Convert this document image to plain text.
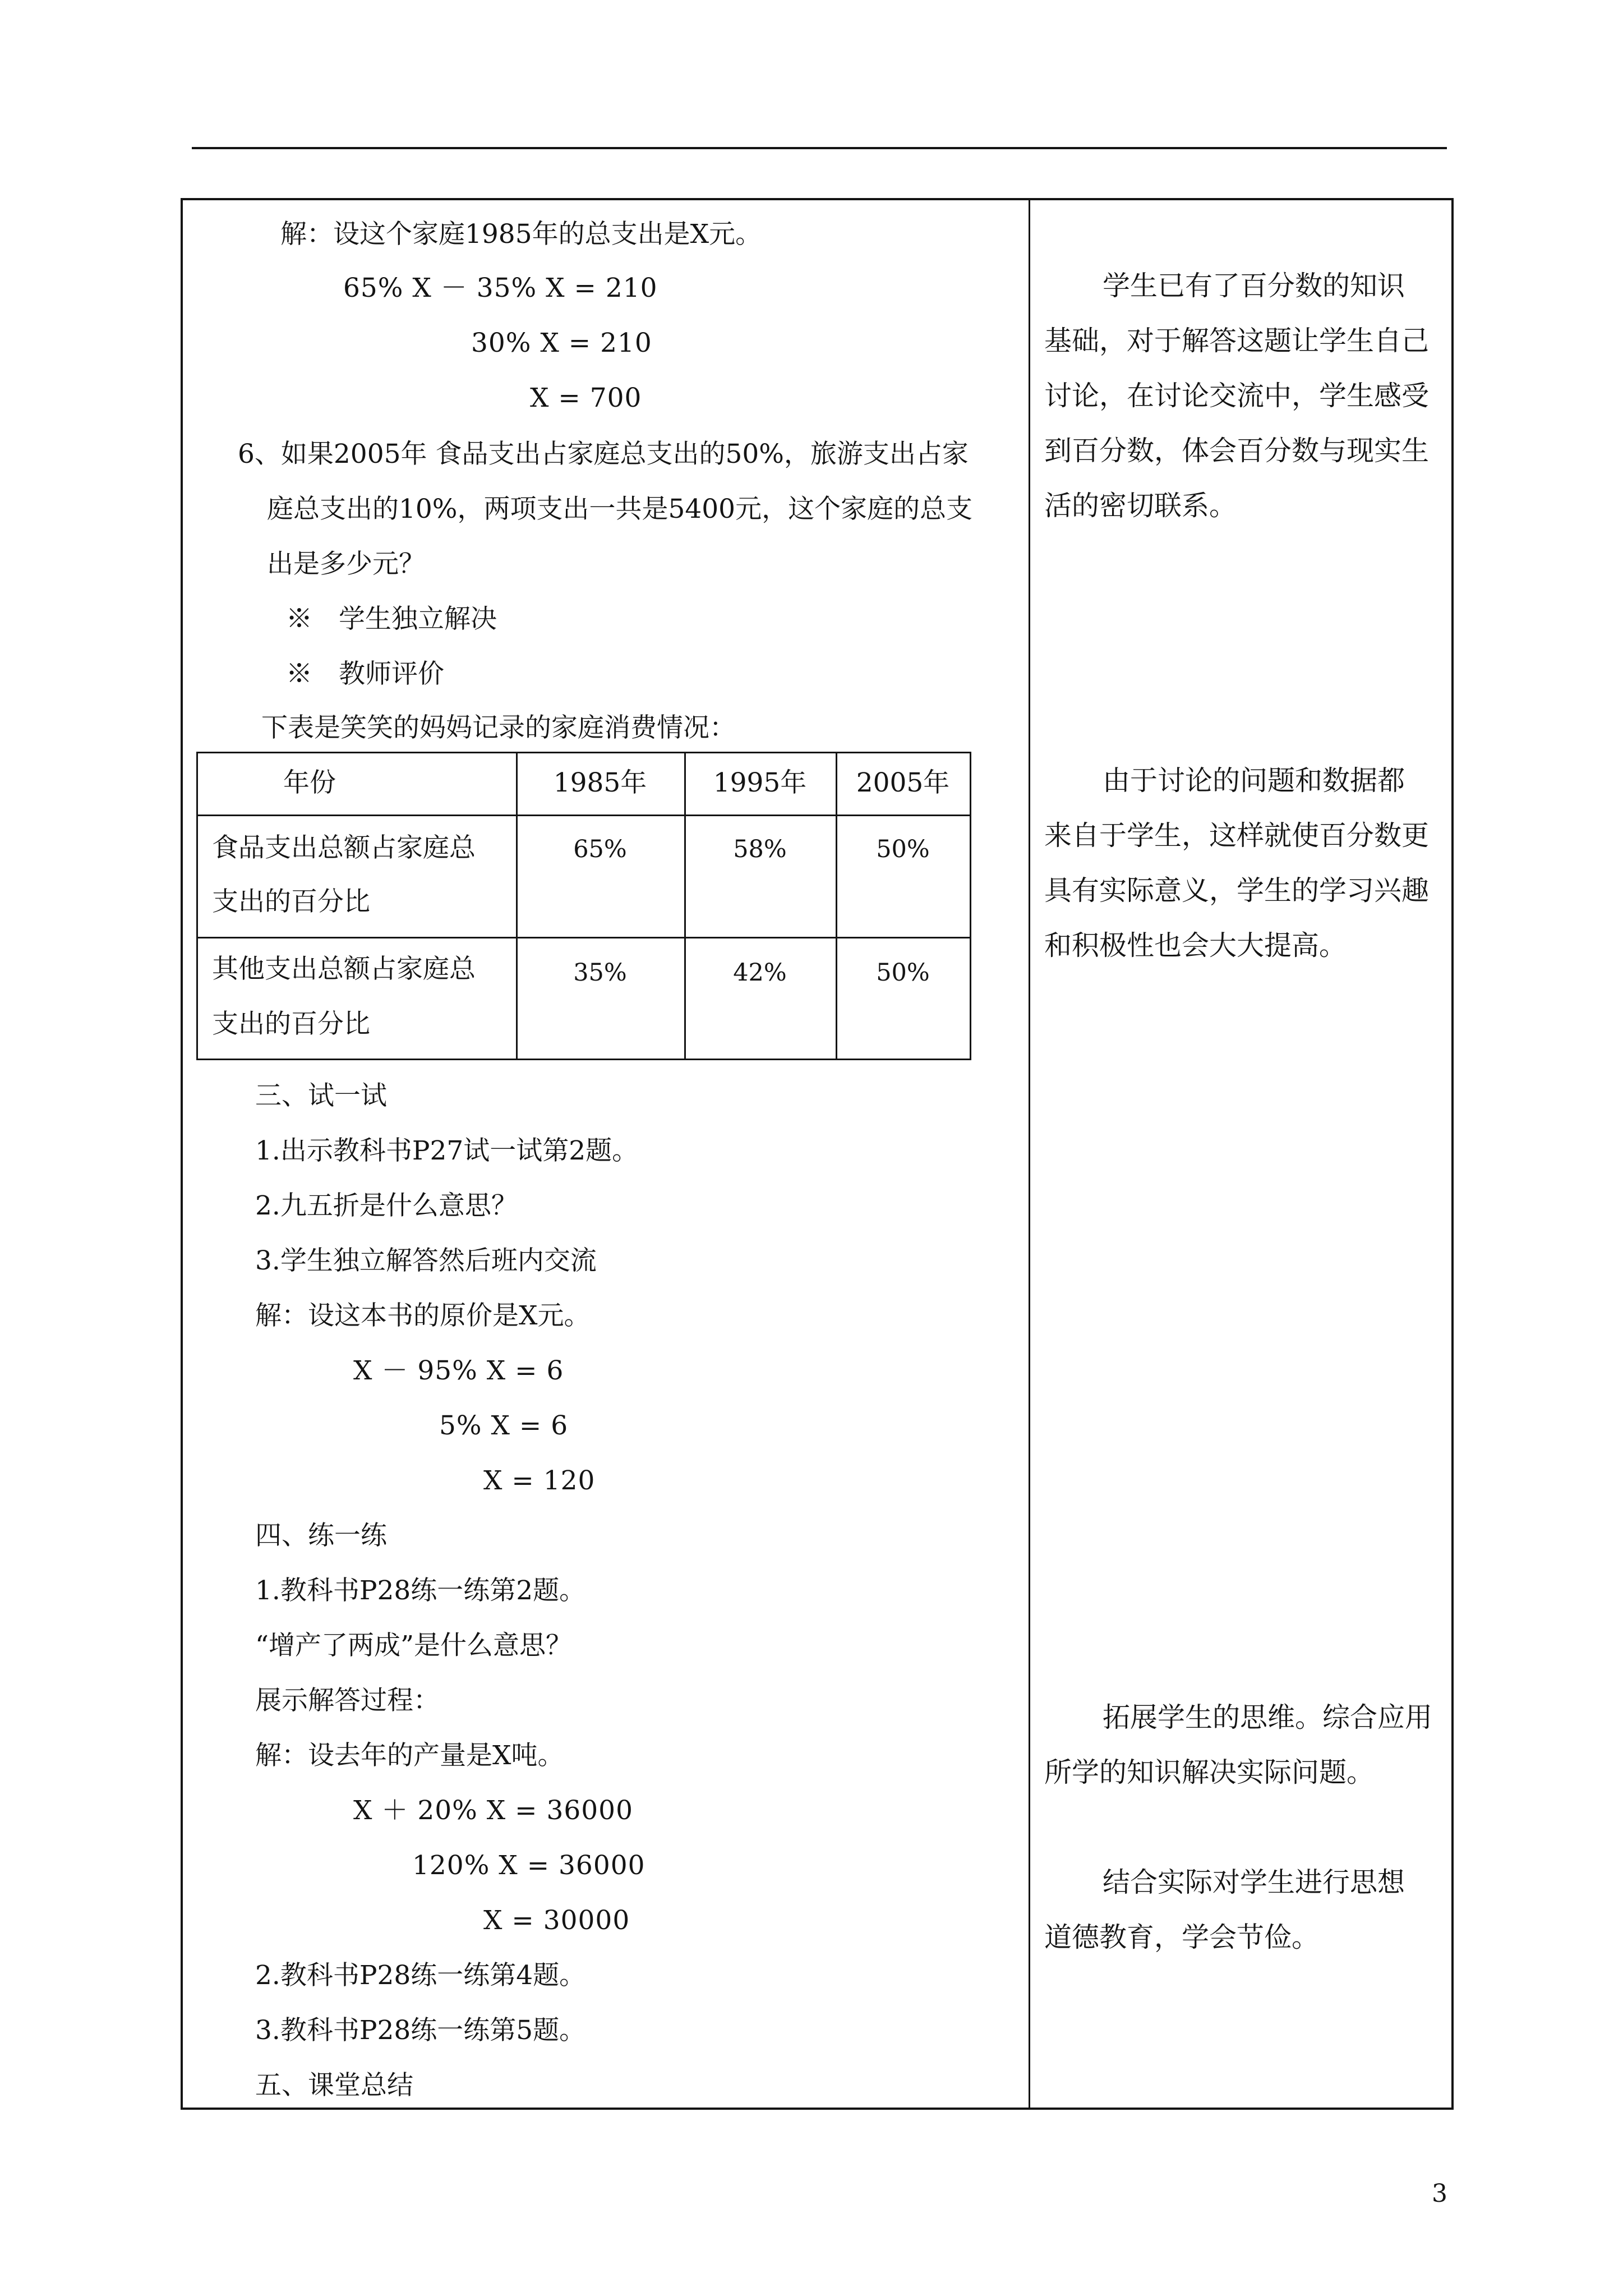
解：设这个家庭1985年的总支出是X元。
65% X － 35% X = 210
30% X = 210
X = 700
6、如果2005年 食品支出占家庭总支出的50%，旅游支出占家
庭总支出的10%，两项支出一共是5400元，这个家庭的总支
出是多少元？
※　学生独立解决
※　教师评价
下表是笑笑的妈妈记录的家庭消费情况：
年份	1985年	1995年	2005年
食品支出总额占家庭总
支出的百分比
65%	58%	50%
其他支出总额占家庭总
支出的百分比
35%	42%	50%
三、试一试
1.出示教科书P27试一试第2题。
2.九五折是什么意思？
3.学生独立解答然后班内交流
解：设这本书的原价是X元。
X － 95% X = 6
5% X = 6
X = 120
四、练一练
1.教科书P28练一练第2题。
“增产了两成”是什么意思？
展示解答过程：
解：设去年的产量是X吨。
X ＋ 20% X = 36000
120% X = 36000
X = 30000
2.教科书P28练一练第4题。
3.教科书P28练一练第5题。
五、课堂总结
学生已有了百分数的知识
基础，对于解答这题让学生自己
讨论，在讨论交流中，学生感受
到百分数，体会百分数与现实生
活的密切联系。
由于讨论的问题和数据都
来自于学生，这样就使百分数更
具有实际意义，学生的学习兴趣
和积极性也会大大提高。
拓展学生的思维。综合应用
所学的知识解决实际问题。
结合实际对学生进行思想
道德教育，学会节俭。
3
